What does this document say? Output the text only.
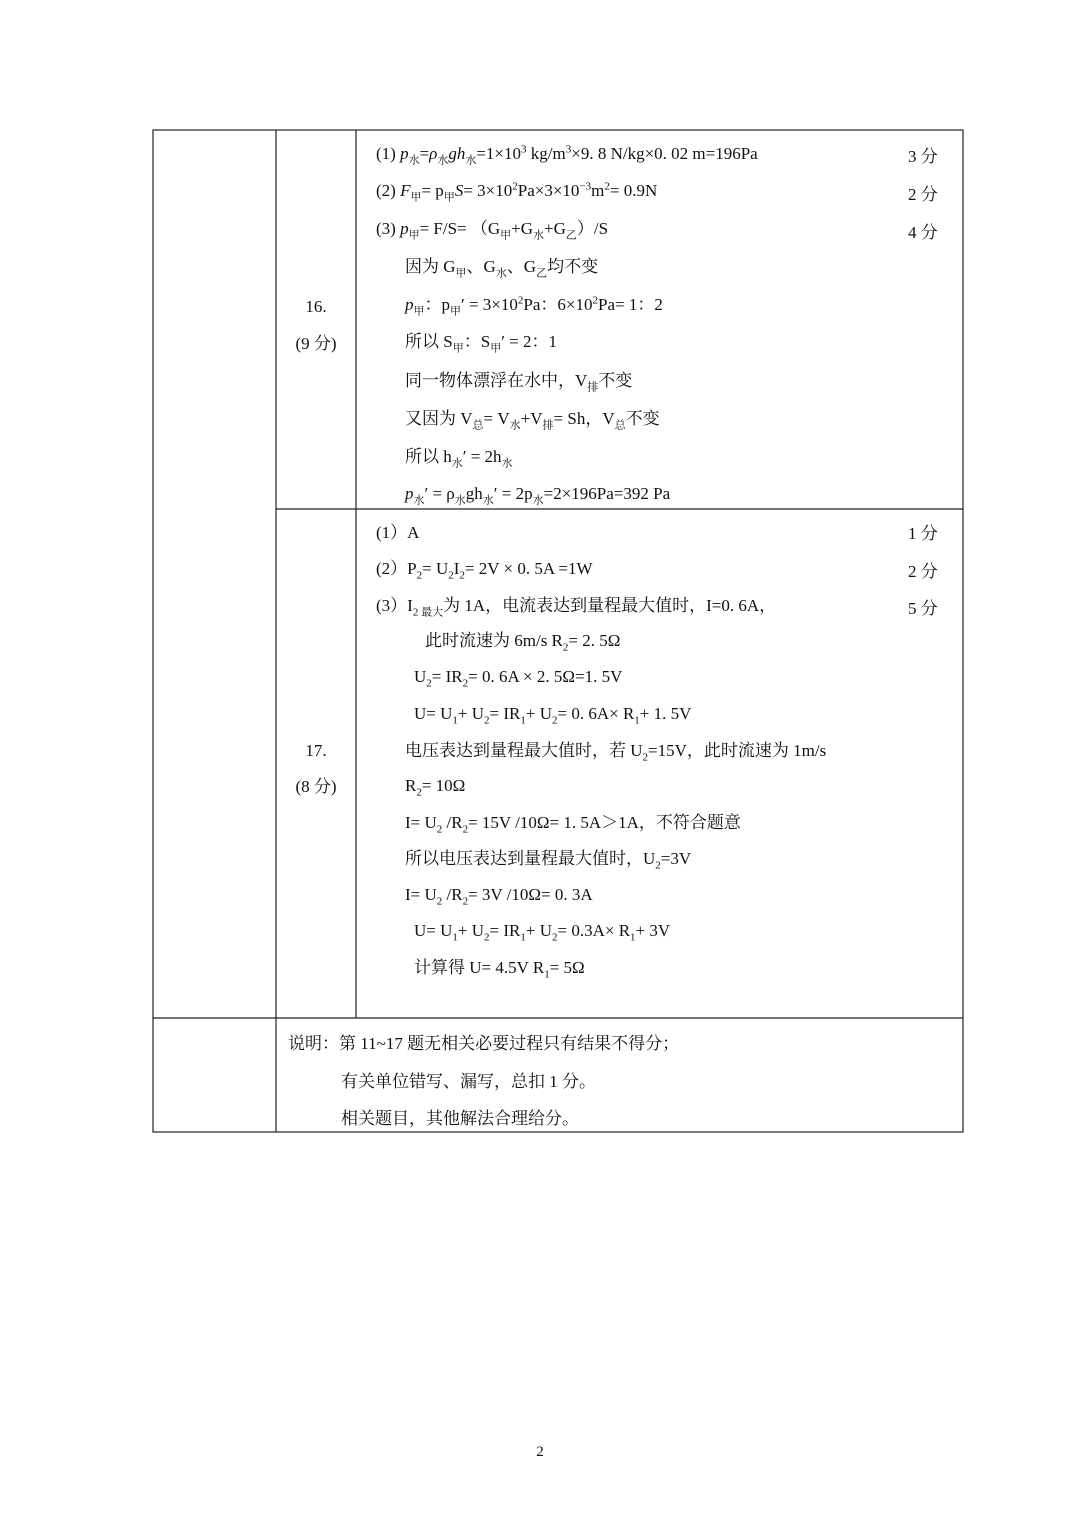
16.
(9 分)
3 分
2 分
4 分
(1) $p_水=\rho_水gh_水=1\times 10^3$ $kg/m^3\times 9$. 8 N/kg×0. 02 m=196Pa
(2) $F_甲= p_甲S= 3\times 10^2Pa\times 3\times 10^{-3}m^2= 0.9N$
(3) $p_甲= F/S= (G_甲+G_水+G_乙)/S$
因为 $G_甲$、$G_水$、$G_乙$均不变
$p_甲$：$p_甲' = 3\times 10^2Pa$：$6\times 10^2Pa= 1$：2
所以 $S_甲$：$S_甲' = 2$：1
同一物体漂浮在水中，$V_排$不变
又因为 $V_总= V_水+V_排= Sh$，$V_总$不变
所以 $h_水' = 2h_水$
$p_水' = \rho_水gh_水' = 2p_水=2\times 196Pa=392$ Pa
17.
(8 分)
1 分
2 分
5 分
(1）A
$(2)P_2= U_2I_2= 2V \times 0$. 5A =1W
$(3)I_{2 最大}$为 1A，电流表达到量程最大值时，I=0. 6A，
此时流速为 6m/s $R_2= 2$. 5Ω
$U_2= IR_2= 0$. 6A × 2. 5Ω=1. 5V
$U= U_1+ U_2= IR_1+ U_2= 0$. $6A\times R_1+ 1$. 5V
电压表达到量程最大值时，若 $U_2=15V$，此时流速为 1m/s
$R_2= 10\Omega$
$I= U_2$ $/R_2= 15V$ /10Ω= 1. 5A＞1A，不符合题意
所以电压表达到量程最大值时，$U_2=3V$
$I= U_2$ $/R_2= 3V$ /10Ω= 0. 3A
$U= U_1+ U_2= IR_1+ U_2= 0.3A\times R_1+ 3V$
计算得 U= 4.5V $R_1= 5\Omega$
说明：第 11~17 题无相关必要过程只有结果不得分；
有关单位错写、漏写，总扣 1 分。
相关题目，其他解法合理给分。
2
